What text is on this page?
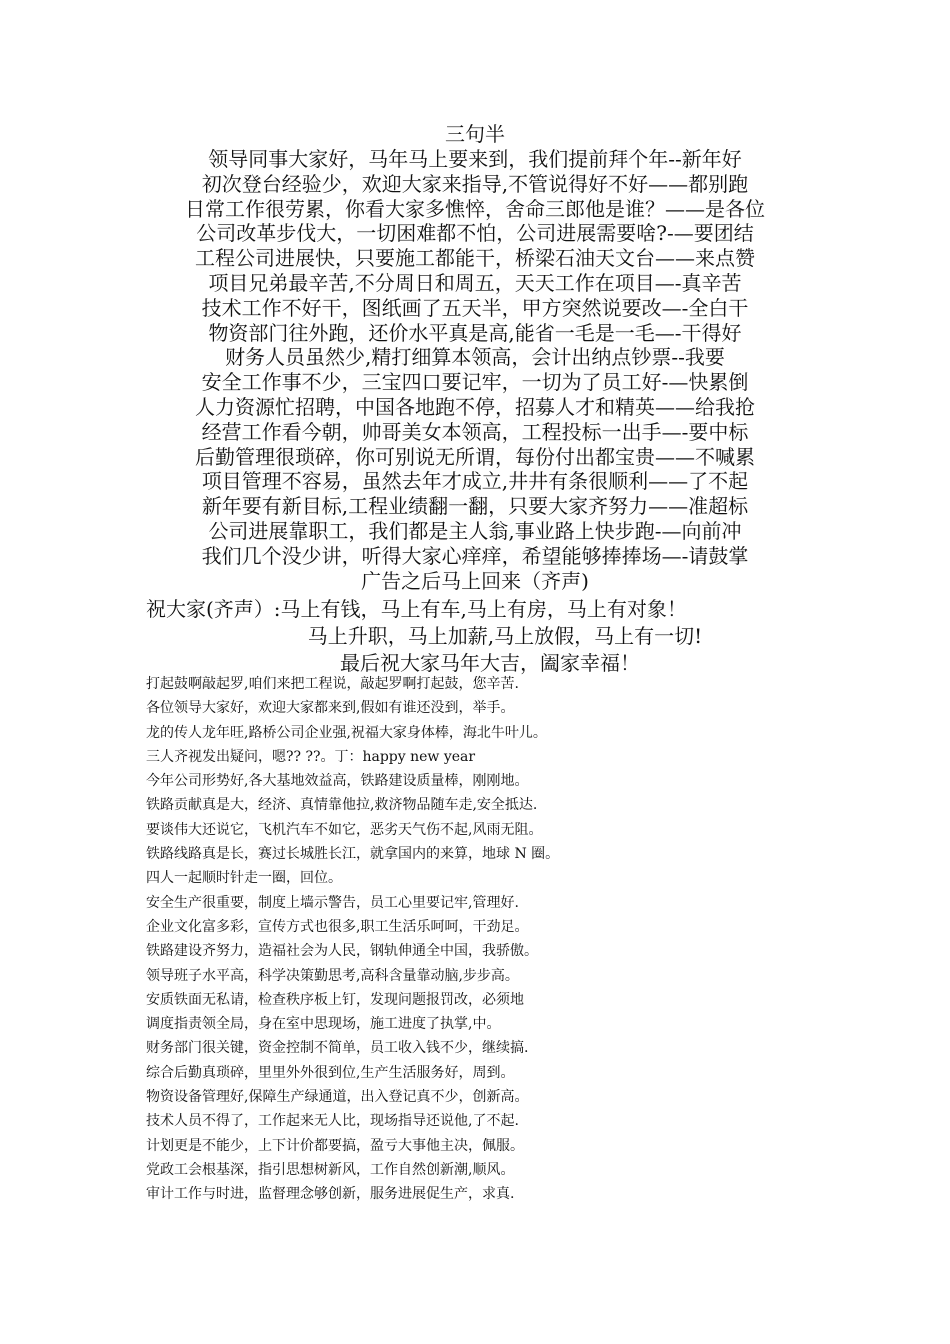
三句半
领导同事大家好，马年马上要来到，我们提前拜个年--新年好
初次登台经验少，欢迎大家来指导,不管说得好不好——都别跑
日常工作很劳累，你看大家多憔悴，舍命三郎他是谁？——是各位
公司改革步伐大，一切困难都不怕，公司进展需要啥?-—要团结
工程公司进展快，只要施工都能干，桥梁石油天文台——来点赞
项目兄弟最辛苦,不分周日和周五，天天工作在项目—-真辛苦
技术工作不好干，图纸画了五天半，甲方突然说要改—-全白干
物资部门往外跑，还价水平真是高,能省一毛是一毛—-干得好
财务人员虽然少,精打细算本领高，会计出纳点钞票--我要
安全工作事不少，三宝四口要记牢，一切为了员工好-—快累倒
人力资源忙招聘，中国各地跑不停，招募人才和精英——给我抢
经营工作看今朝，帅哥美女本领高，工程投标一出手—-要中标
后勤管理很琐碎，你可别说无所谓，每份付出都宝贵——不喊累
项目管理不容易，虽然去年才成立,井井有条很顺利——了不起
新年要有新目标,工程业绩翻一翻，只要大家齐努力——准超标
公司进展靠职工，我们都是主人翁,事业路上快步跑-—向前冲
我们几个没少讲，听得大家心痒痒，希望能够捧捧场—-请鼓掌
广告之后马上回来（齐声)
祝大家(齐声）:马上有钱，马上有车,马上有房，马上有对象！
马上升职，马上加薪,马上放假，马上有一切!
最后祝大家马年大吉，阖家幸福！
打起鼓啊敲起罗,咱们来把工程说，敲起罗啊打起鼓，您辛苦.
各位领导大家好，欢迎大家都来到,假如有谁还没到，举手。
龙的传人龙年旺,路桥公司企业强,祝福大家身体棒，海北牛叶儿。
三人齐视发出疑问，嗯?? ??。丁：happy new year
今年公司形势好,各大基地效益高，铁路建设质量棒，刚刚地。
铁路贡献真是大，经济、真情靠他拉,救济物品随车走,安全抵达.
要谈伟大还说它，飞机汽车不如它，恶劣天气伤不起,风雨无阻。
铁路线路真是长，赛过长城胜长江，就拿国内的来算，地球 N 圈。
四人一起顺时针走一圈，回位。
安全生产很重要，制度上墙示警告，员工心里要记牢,管理好.
企业文化富多彩，宣传方式也很多,职工生活乐呵呵，干劲足。
铁路建设齐努力，造福社会为人民，钢轨伸通全中国，我骄傲。
领导班子水平高，科学决策勤思考,高科含量靠动脑,步步高。
安质铁面无私请，检查秩序板上钉，发现问题报罚改，必须地
调度指责领全局，身在室中思现场，施工进度了执掌,中。
财务部门很关键，资金控制不简单，员工收入钱不少，继续搞.
综合后勤真琐碎，里里外外很到位,生产生活服务好，周到。
物资设备管理好,保障生产绿通道，出入登记真不少，创新高。
技术人员不得了，工作起来无人比，现场指导还说他,了不起.
计划更是不能少，上下计价都要搞，盈亏大事他主决，佩服。
党政工会根基深，指引思想树新风，工作自然创新潮,顺风。
审计工作与时进，监督理念够创新，服务进展促生产，求真.
